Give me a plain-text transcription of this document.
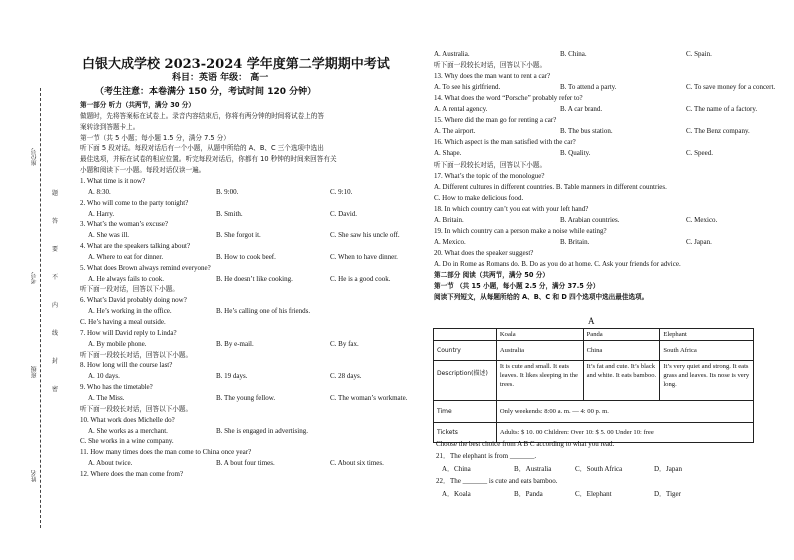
座位号
考号
班级
姓名
题
答
要
不
内
线
封
密
白银大成学校 2023-2024 学年度第二学期期中考试
科目：英语 年级： 高一
（考生注意：本卷满分 150 分，考试时间 120 分钟）
第一部分 听力（共两节，满分 30 分）
做题时，先将答案标在试卷上。录音内容结束后，你将有两分钟的时间将试卷上的答
案转涂到答题卡上。
第一节（共 5 小题；每小题 1.5 分，满分 7.5 分）
听下面 5 段对话。每段对话后有一个小题，从题中所给的 A、B、C 三个选项中选出
最佳选项，并标在试卷的相应位置。听完每段对话后，你都有 10 秒钟的时间来回答有关
小题和阅读下一小题。每段对话仅读一遍。
1. What time is it now?
A. 8:30.	B. 9:00.	C. 9:10.
2. Who will come to the party tonight?
A. Harry.	B. Smith.	C. David.
3. What’s the woman’s excuse?
A. She was ill.	B. She forgot it.	C. She saw his uncle off.
4. What are the speakers talking about?
A. Where to eat for dinner.	B. How to cook beef.	C. When to have dinner.
5. What does Brown always remind everyone?
A. He always fails to cook.	B. He doesn’t like cooking.	C. He is a good cook.
听下面一段对话，回答以下小题。
6. What’s David probably doing now?
A. He’s working in the office.	B. He’s calling one of his friends.
C. He’s having a meal outside.
7. How will David reply to Linda?
A. By mobile phone.	B. By e-mail.	C. By fax.
听下面一段较长对话，回答以下小题。
8. How long will the course last?
A. 10 days.	B. 19 days.	C. 28 days.
9. Who has the timetable?
A. The Miss.	B. The young fellow.	C. The woman’s workmate.
听下面一段较长对话，回答以下小题。
10. What work does Michelle do?
A. She works as a merchant.	B. She is engaged in advertising.
C. She works in a wine company.
11. How many times does the man come to China once year?
A. About twice.	B. A bout four times.	C. About six times.
12. Where does the man come from?
A. Australia.	B. China.	C. Spain.
听下面一段较长对话，回答以下小题。
13. Why does the man want to rent a car?
A. To see his girlfriend.	B. To attend a party.	C. To save money for a concert.
14. What does the word “Porsche” probably refer to?
A. A rental agency.	B. A car brand.	C. The name of a factory.
15. Where did the man go for renting a car?
A. The airport.	B. The bus station.	C. The Benz company.
16. Which aspect is the man satisfied with the car?
A. Shape.	B. Quality.	C. Speed.
听下面一段较长对话，回答以下小题。
17. What’s the topic of the monologue?
A. Different cultures in different countries. B. Table manners in different countries.
C. How to make delicious food.
18. In which country can’t you eat with your left hand?
A. Britain.	B. Arabian countries.	C. Mexico.
19. In which country can a person make a noise while eating?
A. Mexico.	B. Britain.	C. Japan.
20. What does the speaker suggest?
A. Do in Rome as Romans do. B. Do as you do at home. C. Ask your friends for advice.
第二部分 阅读（共两节，满分 50 分）
第一节 （共 15 小题，每小题 2.5 分，满分 37.5 分）
阅读下列短文，从每题所给的 A、B、C 和 D 四个选项中选出最佳选项。
A
	Koala	Panda	Elephant
Country	Australia	China	South Africa
Description(描述)	It is cute and small. It eats leaves. It likes sleeping in the trees.	It’s fat and cute. It’s black and white. It eats bamboo.	It’s very quiet and strong. It eats grass and leaves. Its nose is very long.
Time	Only weekends: 8:00 a. m. — 4: 00 p. m.		
Tickets	Adults: $ 10. 00 Children: Over 10: $ 5. 00 Under 10: free		
Choose the best choice from A B C according to what you read.
21．The elephant is from _______.
A．China	B．Australia	C．South Africa	D．Japan
22．The _______ is cute and eats bamboo.
A．Koala	B．Panda	C．Elephant	D．Tiger
